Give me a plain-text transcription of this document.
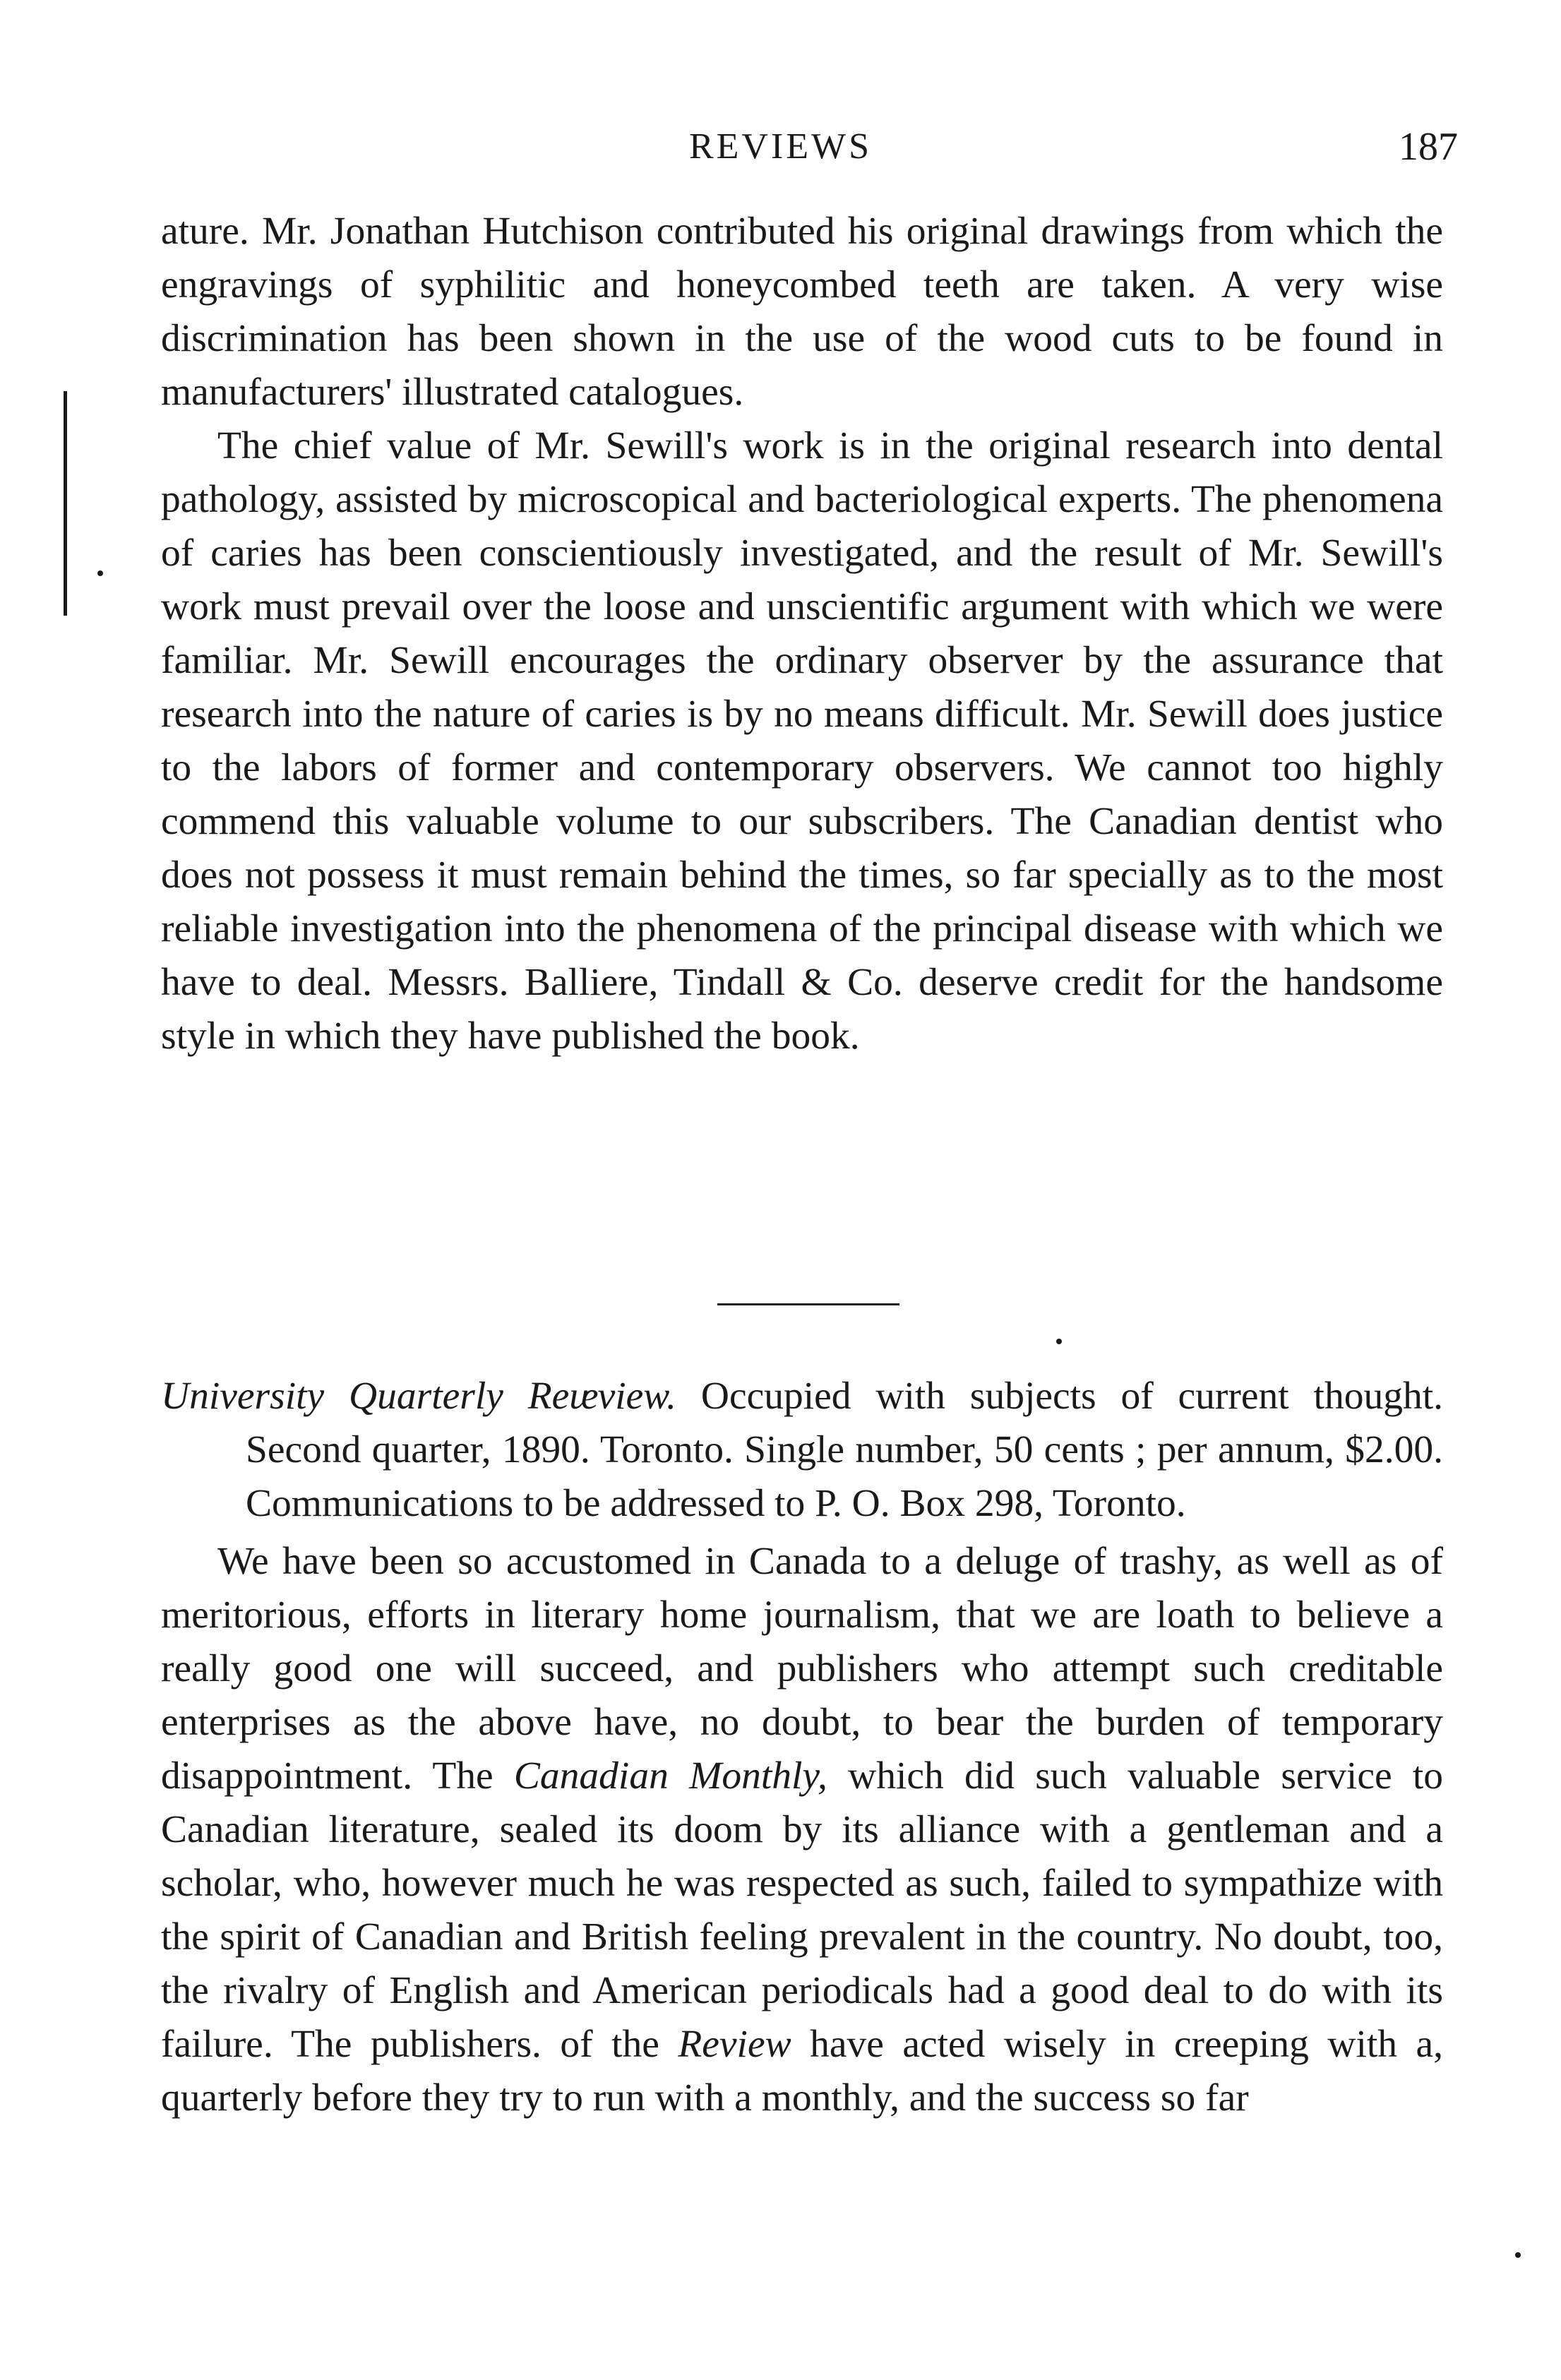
REVIEWS	187

ature. Mr. Jonathan Hutchison contributed his original drawings from which the engravings of syphilitic and honeycombed teeth are taken. A very wise discrimination has been shown in the use of the wood cuts to be found in manufacturers' illustrated catalogues.

The chief value of Mr. Sewill's work is in the original research into dental pathology, assisted by microscopical and bacteriological experts. The phenomena of caries has been conscientiously investigated, and the result of Mr. Sewill's work must prevail over the loose and unscientific argument with which we were familiar. Mr. Sewill encourages the ordinary observer by the assurance that research into the nature of caries is by no means difficult. Mr. Sewill does justice to the labors of former and contemporary observers. We cannot too highly commend this valuable volume to our subscribers. The Canadian dentist who does not possess it must remain behind the times, so far specially as to the most reliable investigation into the phenomena of the principal disease with which we have to deal. Messrs. Balliere, Tindall & Co. deserve credit for the handsome style in which they have published the book.

University Quarterly Reᵫview. Occupied with subjects of current thought. Second quarter, 1890. Toronto. Single number, 50 cents ; per annum, $2.00. Communications to be addressed to P. O. Box 298, Toronto.

We have been so accustomed in Canada to a deluge of trashy, as well as of meritorious, efforts in literary home journalism, that we are loath to believe a really good one will succeed, and publishers who attempt such creditable enterprises as the above have, no doubt, to bear the burden of temporary disappointment. The Canadian Monthly, which did such valuable service to Canadian literature, sealed its doom by its alliance with a gentleman and a scholar, who, however much he was respected as such, failed to sympathize with the spirit of Canadian and British feeling prevalent in the country. No doubt, too, the rivalry of English and American periodicals had a good deal to do with its failure. The publishers. of the Review have acted wisely in creeping with a, quarterly before they try to run with a monthly, and the success so far
